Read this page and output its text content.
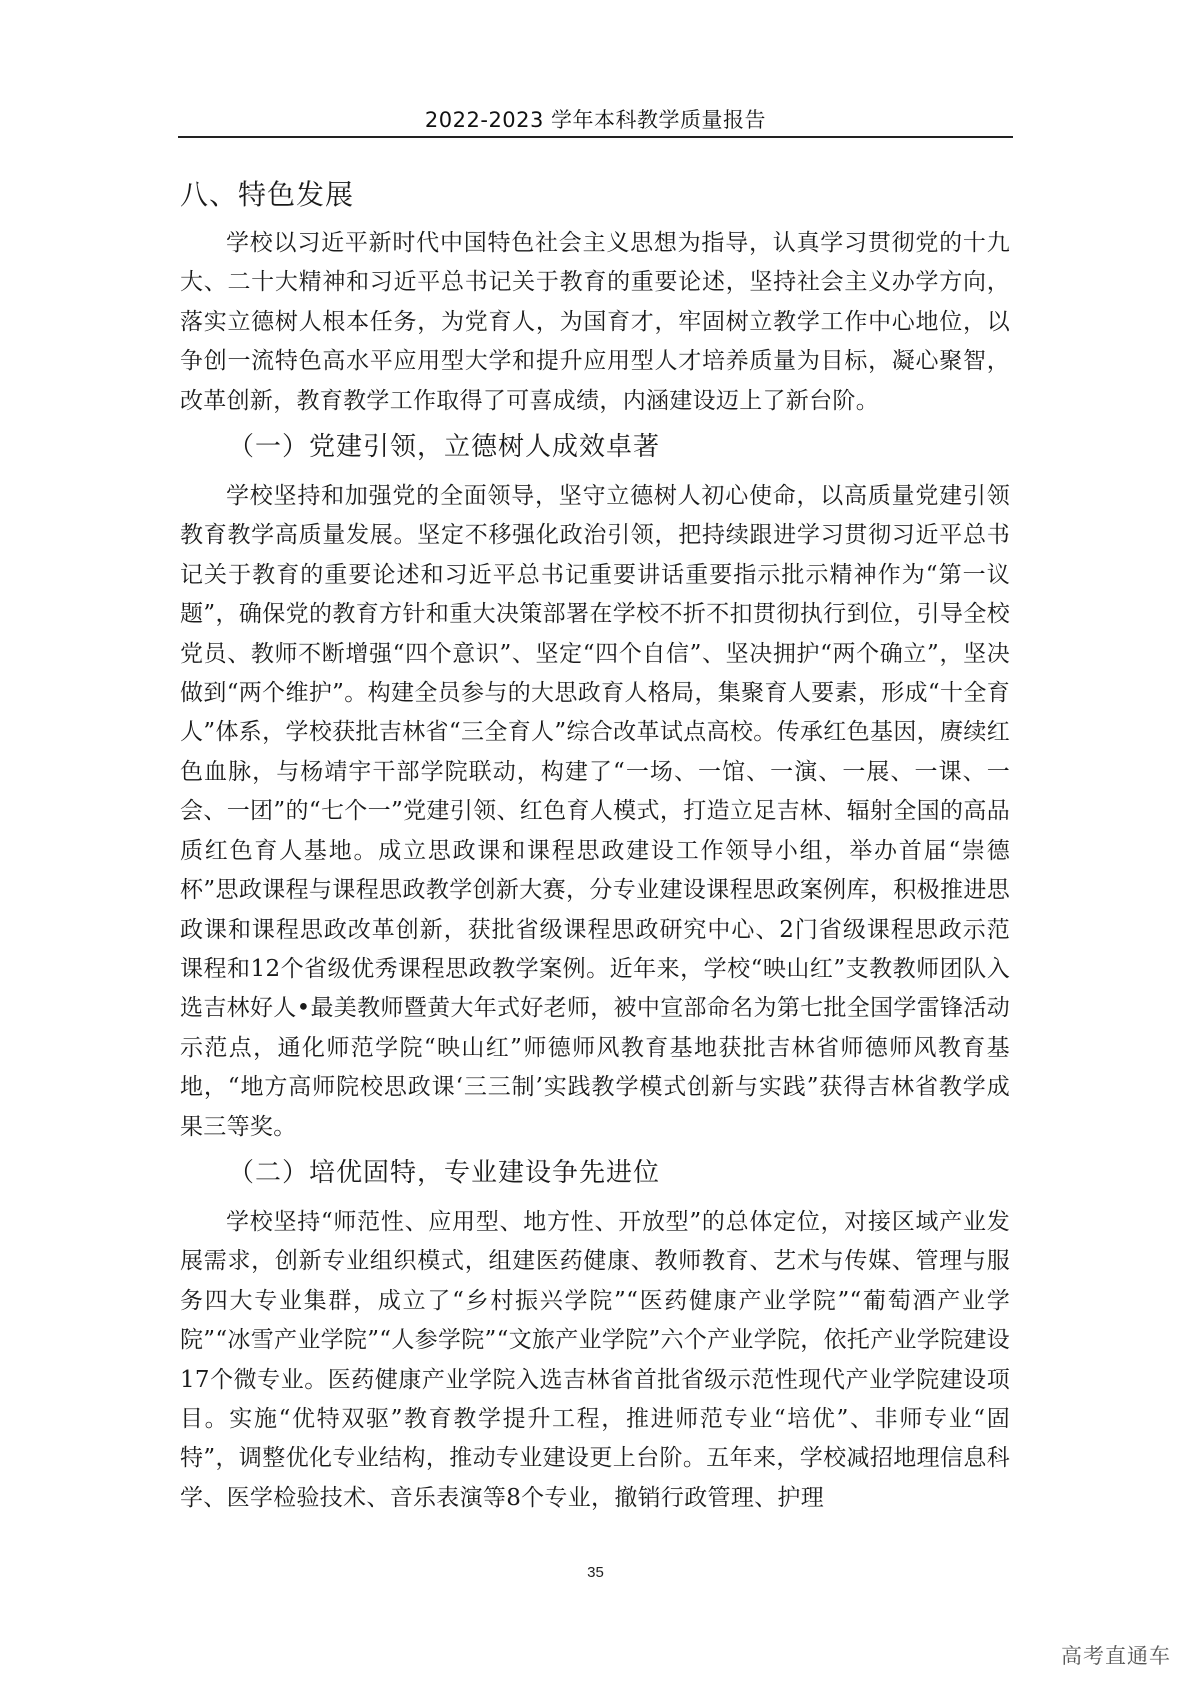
2022-2023 学年本科教学质量报告
八、特色发展

学校以习近平新时代中国特色社会主义思想为指导，认真学习贯彻党的十九大、二十大精神和习近平总书记关于教育的重要论述，坚持社会主义办学方向，落实立德树人根本任务，为党育人，为国育才，牢固树立教学工作中心地位，以争创一流特色高水平应用型大学和提升应用型人才培养质量为目标，凝心聚智，改革创新，教育教学工作取得了可喜成绩，内涵建设迈上了新台阶。

（一）党建引领，立德树人成效卓著

学校坚持和加强党的全面领导，坚守立德树人初心使命，以高质量党建引领教育教学高质量发展。坚定不移强化政治引领，把持续跟进学习贯彻习近平总书记关于教育的重要论述和习近平总书记重要讲话重要指示批示精神作为“第一议题”，确保党的教育方针和重大决策部署在学校不折不扣贯彻执行到位，引导全校党员、教师不断增强“四个意识”、坚定“四个自信”、坚决拥护“两个确立”，坚决做到“两个维护”。构建全员参与的大思政育人格局，集聚育人要素，形成“十全育人”体系，学校获批吉林省“三全育人”综合改革试点高校。传承红色基因，赓续红色血脉，与杨靖宇干部学院联动，构建了“一场、一馆、一演、一展、一课、一会、一团”的“七个一”党建引领、红色育人模式，打造立足吉林、辐射全国的高品质红色育人基地。成立思政课和课程思政建设工作领导小组，举办首届“崇德杯”思政课程与课程思政教学创新大赛，分专业建设课程思政案例库，积极推进思政课和课程思政改革创新，获批省级课程思政研究中心、2门省级课程思政示范课程和12个省级优秀课程思政教学案例。近年来，学校“映山红”支教教师团队入选吉林好人•最美教师暨黄大年式好老师，被中宣部命名为第七批全国学雷锋活动示范点，通化师范学院“映山红”师德师风教育基地获批吉林省师德师风教育基地，“地方高师院校思政课‘三三制’实践教学模式创新与实践”获得吉林省教学成果三等奖。

（二）培优固特，专业建设争先进位

学校坚持“师范性、应用型、地方性、开放型”的总体定位，对接区域产业发展需求，创新专业组织模式，组建医药健康、教师教育、艺术与传媒、管理与服务四大专业集群，成立了“乡村振兴学院”“医药健康产业学院”“葡萄酒产业学院”“冰雪产业学院”“人参学院”“文旅产业学院”六个产业学院，依托产业学院建设17个微专业。医药健康产业学院入选吉林省首批省级示范性现代产业学院建设项目。实施“优特双驱”教育教学提升工程，推进师范专业“培优”、非师专业“固特”，调整优化专业结构，推动专业建设更上台阶。五年来，学校减招地理信息科学、医学检验技术、音乐表演等8个专业，撤销行政管理、护理

35
高考直通车
